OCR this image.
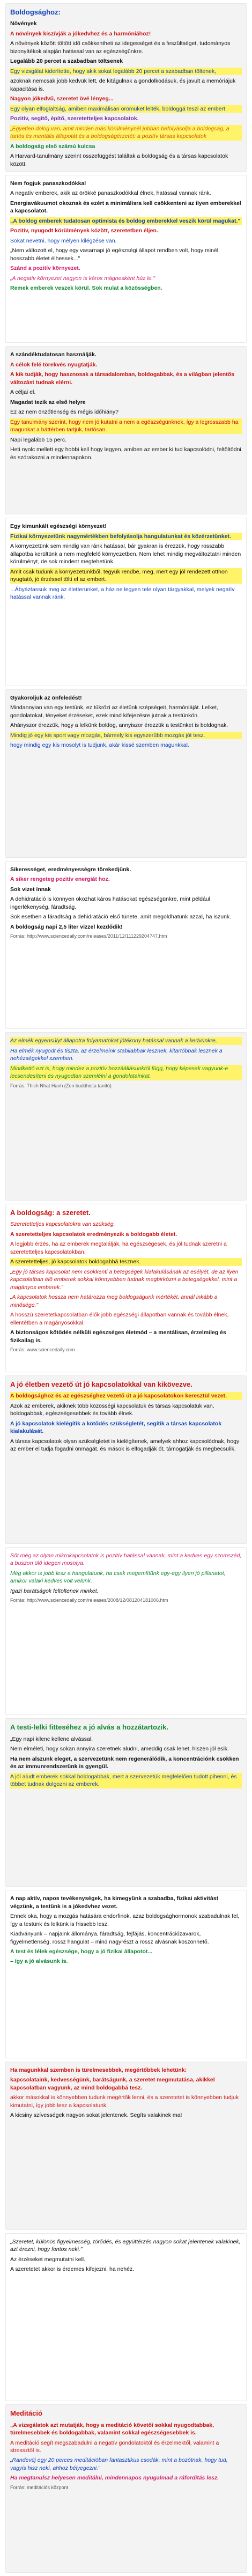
Boldogsághoz:
Növények
A növények kiszívják a jókedvhez és a harmóniához!
A növények között töltött idő csökkentheti az idegességet és a feszültséget, tudományos bizonyítékok alapján hatással van az egészségünkre.
Legalább 20 percet a szabadban töltsenek
Egy vizsgálat kiderítette, hogy akik sokat legalább 20 percet a szabadban töltenek,
azoknak nemcsak jobb kedvük lett, de kitágulnak a gondolkodásuk, és javult a memóriájuk kapacitása is.
Nagyon jókedvű, szeretet övé lényeg...
Egy olyan elfoglaltság, amiben maximálisan örömüket lelték, boldoggá teszi az embert.
Pozitív, segítő, építő, szeretetteljes kapcsolatok.
„Egyetlen dolog van, amit minden más körülménynél jobban befolyásolja a boldogság, a tartós és mentális állapotát és a boldogságérzetét: a pozitív társas kapcsolatok
A boldogság első számú kulcsa
A Harvard-tanulmány szerint összefüggést találtak a boldogság és a társas kapcsolatok között.
Nem fogjuk panaszkodókkal
A negatív emberek, akik az örökké panaszkodókkal élnek, hatással vannak ránk.
Energiavákuumot okoznak és ezért a minimálisra kell csökkenteni az ilyen emberekkel a kapcsolatot.
„A boldog emberek tudatosan optimista és boldog emberekkel veszik körül magukat."
Pozitív, nyugodt körülmények között, szeretetben éljen.
Sokat nevetni, hogy mélyen kilégzése van.
„Nem változott el, hogy egy vasarnapi jó egészségi állapot rendben volt, hogy minél hosszabb életet élhessek..."
Szánd a pozitív környezet.
„A negatív környezet nagyon is káros mágnesként húz le."
Remek emberek veszek körül. Sok mulat a közösségben.
A szándéktudatosan használják.
A célok felé törekvés nyugtatják.
A kik tudják, hogy hasznosak a társadalomban, boldogabbak, és a világban jelentős változást tudnak elérni.
A céljai el.
Magadat tezik az első helyre
Ez az nem önzőtlenség és mégis időhiány?
Egy tanulmány szerint, hogy nem jó kutatni a nem a egészségünknek, így a legrosszabb ha magunkat a háttérben tartjuk, tartósan.
Napi legalább 15 perc.
Heti nyolc mellett egy hobbi kell hogy legyen, amiben az ember ki tud kapcsolódni, feltöltődni és szórakozni a mindennapokon.
Egy kimunkált egészségi környezet!
Fizikai környezetünk nagymértékben befolyásolja hangulatunkat és közérzetünket.
A környezetünk sem mindig van ránk hatással, bár gyakran is érezzük, hogy rosszabb állapotba kerültünk a nem megfelelő környezetben. Nem lehet mindig megváltoztatni minden körülményt, de sok mindent megtehetünk.
Amit csak tudunk a környezetünkből, tegyük rendbe, meg, mert egy jól rendezett otthon nyugtató, jó érzéssel tölti el az embert.
...Ábyáztassuk meg az életterünket, a ház ne legyen tele olyan tárgyakkal, melyek negatív hatással vannak ránk.
Gyakoroljuk az önfeledést!
Mindannyian van egy testünk, ez tükrözi az életünk szépségeit, harmóniáját. Lelket, gondolatokat, tényeket érzéseket, ezek mind kifejezésre jutnak a testünkön.
Ahányszor érezzük, hogy a lelkünk boldog, annyiszor érezzük a testünket is boldognak.
Mindig jó egy kis sport vagy mozgás, bármely kis egyszerűbb mozgás jót tesz.
hogy mindig egy kis mosolyt is tudjunk, akár kissé szemben magunkkal.
Sikerességet, eredményességre törekedjünk.
A siker rengeteg pozitív energiát hoz.
Sok vizet ínnak
A dehidratáció is könnyen okozhat káros hatásokat egészségünkre, mint például ingerlékenység, fáradtság.
Sok esetben a fáradtság a dehidratáció első tünete, amit megoldhatunk azzal, ha iszunk.
A boldogság napi 2,5 liter vizzel kezdődik!
Forrás: http://www.sciencedaily.com/releases/2011/12/111229204747.htm
Az elmék egyensúlyt állapotra folyamatokat jótékony hatással vannak a kedvünkre,
Ha elmék nyugodt és tiszta, az érzelmeink stabilabbak lesznek, kitartóbbak lesznek a nehézségekkel szemben.
Mindkettő ezt is, hogy mindez a pozitív hozzáállásunktól függ, hogy képesek vagyunk-e lecsendesíteni és nyugodtan szemlélni a gondolatainkat.
Forrás: Thich Nhat Hanh (Zen buddhista tanító)
A boldogság: a szeretet.
Szeretetteljes kapcsolatokra van szükség.
A szeretetteljes kapcsolatok eredményezik a boldogabb életet.
A legjobb érzés, ha az emberek megtalálják, ha egészségesek, és jól tudnak szeretni a szeretetteljes kapcsolatokban.
A szeretetteljes, jó kapcsolatok boldogabbá tesznek.
„Egy jó társas kapcsolat nem csökkenti a betegségek kialakulásának az esélyét, de az ilyen kapcsolatban élő emberek sokkal könnyebben tudnak megbirkózni a betegségekkel, mint a magányos emberek."
„A kapcsolatok hossza nem határozza meg boldogságunk mértékét, annál inkább a minősége."
A hosszú szeretetkapcsolatban élők jobb egészségi állapotban vannak és tovább élnek, ellentétben a magányosokkal.
A biztonságos kötődés nélküli egészséges életmód – a mentálisan, érzelmileg és fizikailag is.
Forrás: www.sciencedaily.com
A jó életben vezető út jó kapcsolatokkal van kikövezve.
A boldogsághoz és az egészséghez vezető út a jó kapcsolatokon keresztül vezet.
Azok az emberek, akiknek több közösségi kapcsolatuk és társas kapcsolatuk van, boldogabbak, egészségesebbek és tovább élnek.
A jó kapcsolatok kielégítik a kötődés szükségletét, segítik a társas kapcsolatok kialakulását.
A társas kapcsolatok olyan szükségletet is kielégítenek, amelyek ahhoz kapcsolódnak, hogy az ember el tudja fogadni önmagát, és mások is elfogadják őt, támogatják és megbecsülik.
Sőt még az olyan mikrokapcsolatok is pozitív hatással vannak, mint a kedves egy szomszéd, a buszon ülő idegen mosolya.
Még akkor is jobb lesz a hangulatunk, ha csak megemlítünk egy-egy ilyen jó pillanatot, amikor valaki kedves volt velünk.
Igazi barátságok feltöltenek minket.
Forrás: http://www.sciencedaily.com/releases/2008/12/081204181006.htm
A testi-lelki fitteséhez a jó alvás a hozzátartozik.
„Egy napi kilenc kellene alvással.
Nem elméleti, hogy sokan annyira szeretnek aludni, ameddig csak lehet, hiszen jól esik.
Ha nem alszunk eleget, a szervezetünk nem regenerálódik, a koncentrációnk csökken és az immunrendszerünk is gyengül.
A jól aludt emberek sokkal boldogabbak, mert a szervezetük megfelelően tudott pihenni, és többet tudnak dolgozni az emberek.
A nap aktív, napos tevékenységek, ha kimegyünk a szabadba, fizikai aktivitást végzünk, a testünk is a jókedvhez vezet.
Ennek oka, hogy a mozgás hatására endorfinok, azaz boldogsághormonok szabadulnak fel, így a testünk és lelkünk is frissebb lesz.
Kiadványunk – napjaink állománya, fáradtság, fejfájás, koncentrációzavarok, figyelmetlenség, rossz hangulat – mind nagyrészt a rossz alvásnak köszönhető.
A test és lélek egészsége, hogy a jó fizikai állapotot...
– így a jó alvásunk is.
Ha magunkkal szemben is türelmesebbek, megértőbbek lehetünk:
kapcsolataink, kedvességünk, barátságunk, a szeretet megmutatása, akikkel kapcsolatban vagyunk, az mind boldogabbá tesz.
akkor másokkal is könnyebben tudunk megértők lenni, és a szeretetet is könnyebben tudjuk kimutatni, így jobb lesz a kapcsolatunk.
A kicsiny szívességek nagyon sokat jelentenek. Segíts valakinek ma!
„Szeretet, különös figyelmesség, törődés, és együttérzés nagyon sokat jelentenek valakinek, azt érezni, hogy fontos neki."
Az érzéseket megmutatni kell.
A szeretetet akkor is érdemes kifejezni, ha nehéz.
Meditáció
„A vizsgálatok azt mutatják, hogy a meditáció követői sokkal nyugodtabbak, türelmesebbek és boldogabbak, valamint sokkal egészségesebbek is.
A meditáció segít megszabadulni a negatív gondolatoktól és érzelmektől, valamint a stressztől is.
„Randevúj egy 20 perces meditációban fantasztikus csodák, mint a bozótnak, hogy tud, vagyis hisz neki, ahhoz bélyegezni."
Ha megtanulsz helyesen meditálni, mindennapos nyugalmad a ráfordítás lesz.
Forrás: meditációs központ
